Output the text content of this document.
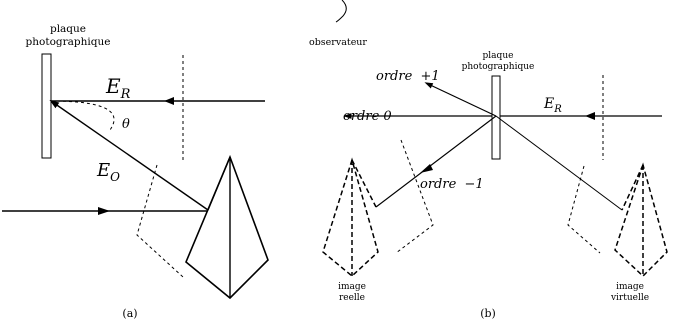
plaque
photographique
$E_R$
θ
$E_O$
(a)
observateur
plaque
photographique
$E_R$
ordre  +1
ordre 0
ordre  −1
image
reelle
image
virtuelle
(b)
